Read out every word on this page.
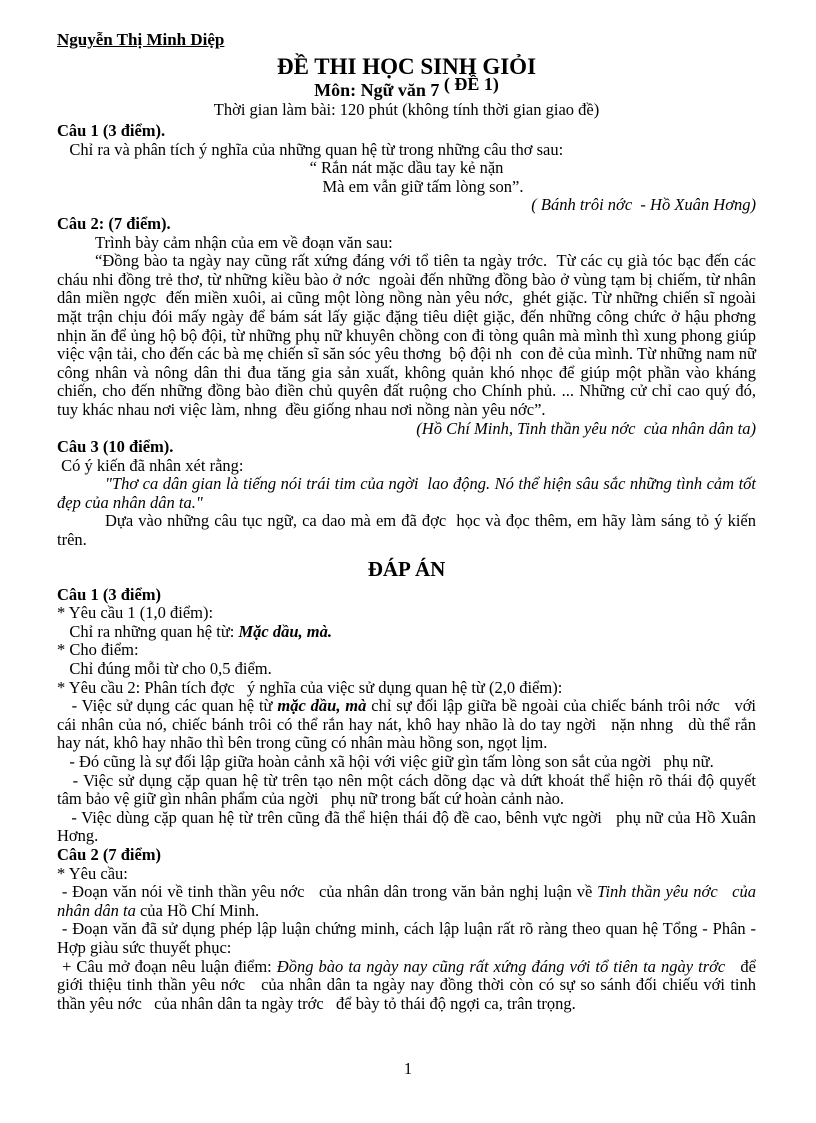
Nguyễn Thị Minh Diệp
ĐỀ THI HỌC SINH GIỎI
Môn: Ngữ văn 7 ( ĐỀ 1)
Thời gian làm bài: 120 phút (không tính thời gian giao đề)
Câu 1 (3 điểm).
Chỉ ra và phân tích ý nghĩa của những quan hệ từ trong những câu thơ sau:
“ Rắn nát mặc dầu tay kẻ nặn
Mà em vẫn giữ tấm lòng son”.
( Bánh trôi nớc  - Hồ Xuân Hơng)
Câu 2: (7 điểm).
Trình bày cảm nhận của em về đoạn văn sau:
“Đồng bào ta ngày nay cũng rất xứng đáng với tổ tiên ta ngày trớc.  Từ các cụ già tóc bạc đến các cháu nhi đồng trẻ thơ, từ những kiều bào ở nớc  ngoài đến những đồng bào ở vùng tạm bị chiếm, từ nhân dân miền ngợc  đến miền xuôi, ai cũng một lòng nồng nàn yêu nớc,  ghét giặc. Từ những chiến sĩ ngoài mặt trận chịu đói mấy ngày để bám sát lấy giặc đặng tiêu diệt giặc, đến những công chức ở hậu phơng  nhịn ăn để ủng hộ bộ đội, từ những phụ nữ khuyên chồng con đi tòng quân mà mình thì xung phong giúp việc vận tải, cho đến các bà mẹ chiến sĩ săn sóc yêu thơng  bộ đội nh  con đẻ của mình. Từ những nam nữ công nhân và nông dân thi đua tăng gia sản xuất, không quản khó nhọc để giúp một phần vào kháng chiến, cho đến những đồng bào điền chủ quyên đất ruộng cho Chính phủ. ... Những cử chỉ cao quý đó, tuy khác nhau nơi việc làm, nhng  đều giống nhau nơi nồng nàn yêu nớc”.
(Hồ Chí Minh, Tinh thần yêu nớc  của nhân dân ta)
Câu 3 (10 điểm).
Có ý kiến đã nhân xét rằng:
"Thơ ca dân gian là tiếng nói trái tim của ngời  lao động. Nó thể hiện sâu sắc những tình cảm tốt đẹp của nhân dân ta."
Dựa vào những câu tục ngữ, ca dao mà em đã đợc  học và đọc thêm, em hãy làm sáng tỏ ý kiến trên.
ĐÁP ÁN
Câu 1 (3 điểm)
* Yêu cầu 1 (1,0 điểm):
Chỉ ra những quan hệ từ: Mặc dầu, mà.
* Cho điểm:
Chỉ đúng mỗi từ cho 0,5 điểm.
* Yêu cầu 2: Phân tích đợc   ý nghĩa của việc sử dụng quan hệ từ (2,0 điểm):
- Việc sử dụng các quan hệ từ mặc dầu, mà chỉ sự đối lập giữa bề ngoài của chiếc bánh trôi nớc   với cái nhân của nó, chiếc bánh trôi có thể rắn hay nát, khô hay nhão là do tay ngời   nặn nhng   dù thể rắn hay nát, khô hay nhão thì bên trong cũng có nhân màu hồng son, ngọt lịm.
- Đó cũng là sự đối lập giữa hoàn cảnh xã hội với việc giữ gìn tấm lòng son sắt của ngời   phụ nữ.
- Việc sử dụng cặp quan hệ từ trên tạo nên một cách dõng dạc và dứt khoát thể hiện rõ thái độ quyết tâm bảo vệ giữ gìn nhân phẩm của ngời   phụ nữ trong bất cứ hoàn cảnh nào.
- Việc dùng cặp quan hệ từ trên cũng đã thể hiện thái độ đề cao, bênh vực ngời   phụ nữ của Hồ Xuân Hơng.
Câu 2 (7 điểm)
* Yêu cầu:
- Đoạn văn nói về tinh thần yêu nớc   của nhân dân trong văn bản nghị luận về Tinh thần yêu nớc   của nhân dân ta của Hồ Chí Minh.
- Đoạn văn đã sử dụng phép lập luận chứng minh, cách lập luận rất rõ ràng theo quan hệ Tổng - Phân - Hợp giàu sức thuyết phục:
+ Câu mở đoạn nêu luận điểm: Đồng bào ta ngày nay cũng rất xứng đáng với tổ tiên ta ngày trớc   để giới thiệu tinh thần yêu nớc   của nhân dân ta ngày nay đồng thời còn có sự so sánh đối chiếu với tinh thần yêu nớc   của nhân dân ta ngày trớc   để bày tỏ thái độ ngợi ca, trân trọng.
1
